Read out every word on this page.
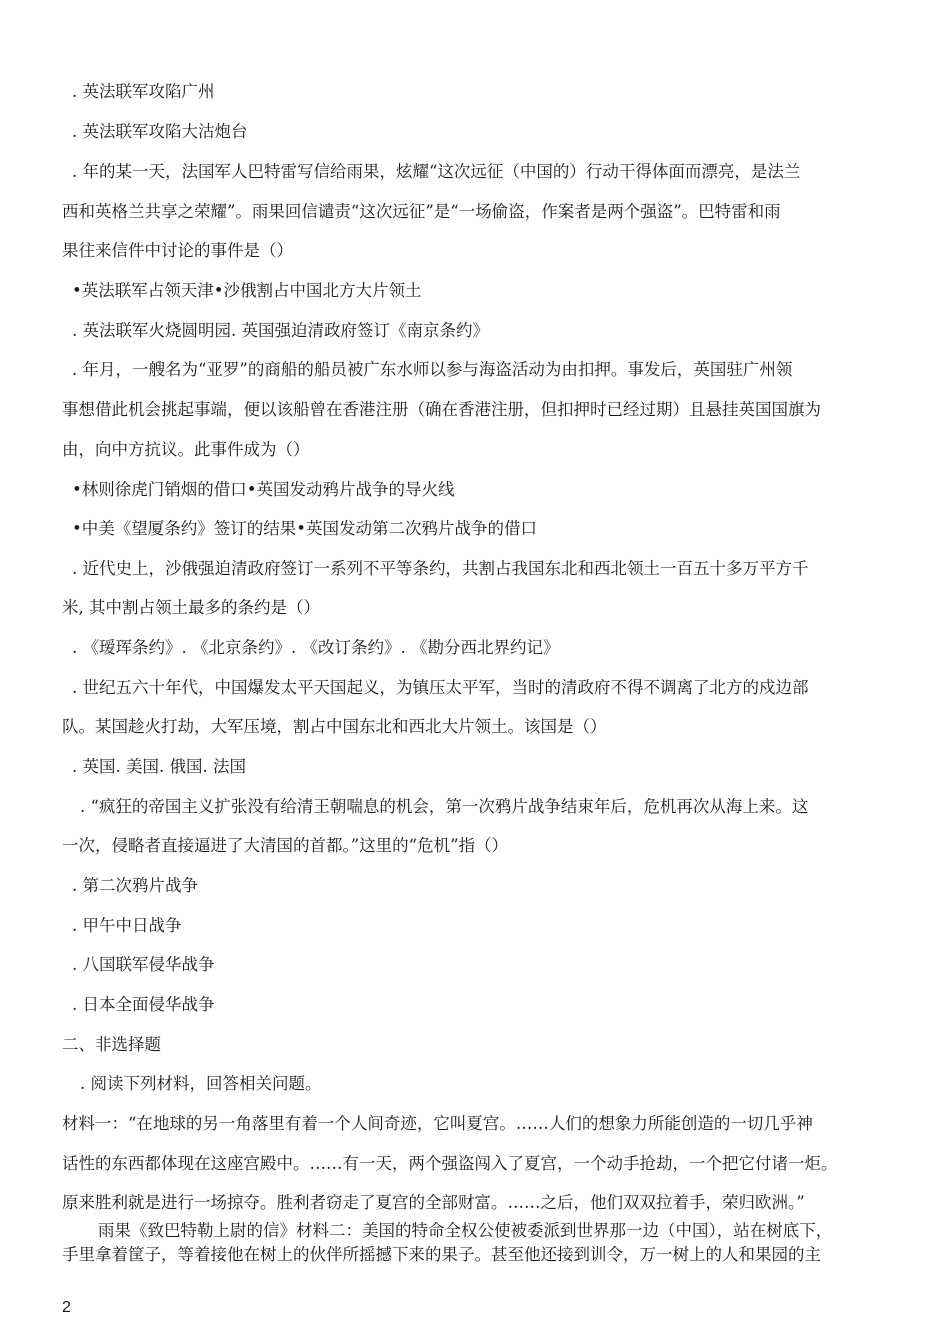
. 英法联军攻陷广州
. 英法联军攻陷大沽炮台
. 年的某一天，法国军人巴特雷写信给雨果，炫耀“这次远征（中国的）行动干得体面而漂亮，是法兰
西和英格兰共享之荣耀”。雨果回信谴责“这次远征”是“一场偷盗，作案者是两个强盗”。巴特雷和雨
果往来信件中讨论的事件是（）
•英法联军占领天津•沙俄割占中国北方大片领土
. 英法联军火烧圆明园. 英国强迫清政府签订《南京条约》
. 年月，一艘名为“亚罗”的商船的船员被广东水师以参与海盗活动为由扣押。事发后，英国驻广州领
事想借此机会挑起事端，便以该船曾在香港注册（确在香港注册，但扣押时已经过期）且悬挂英国国旗为
由，向中方抗议。此事件成为（）
•林则徐虎门销烟的借口•英国发动鸦片战争的导火线
•中美《望厦条约》签订的结果•英国发动第二次鸦片战争的借口
. 近代史上，沙俄强迫清政府签订一系列不平等条约，共割占我国东北和西北领土一百五十多万平方千
米, 其中割占领土最多的条约是（）
. 《瑷珲条约》. 《北京条约》. 《改订条约》. 《勘分西北界约记》
. 世纪五六十年代，中国爆发太平天国起义，为镇压太平军，当时的清政府不得不调离了北方的戍边部
队。某国趁火打劫，大军压境，割占中国东北和西北大片领土。该国是（）
. 英国. 美国. 俄国. 法国
. “疯狂的帝国主义扩张没有给清王朝喘息的机会，第一次鸦片战争结束年后，危机再次从海上来。这
一次，侵略者直接逼进了大清国的首都。”这里的“危机”指（）
. 第二次鸦片战争
. 甲午中日战争
. 八国联军侵华战争
. 日本全面侵华战争
二、非选择题
. 阅读下列材料，回答相关问题。
材料一：“在地球的另一角落里有着一个人间奇迹，它叫夏宫。……人们的想象力所能创造的一切几乎神
话性的东西都体现在这座宫殿中。……有一天，两个强盗闯入了夏宫，一个动手抢劫，一个把它付诸一炬。
原来胜利就是进行一场掠夺。胜利者窃走了夏宫的全部财富。……之后，他们双双拉着手，荣归欧洲。”
雨果《致巴特勒上尉的信》材料二：美国的特命全权公使被委派到世界那一边（中国），站在树底下，
手里拿着筐子，等着接他在树上的伙伴所摇撼下来的果子。甚至他还接到训令，万一树上的人和果园的主
2
